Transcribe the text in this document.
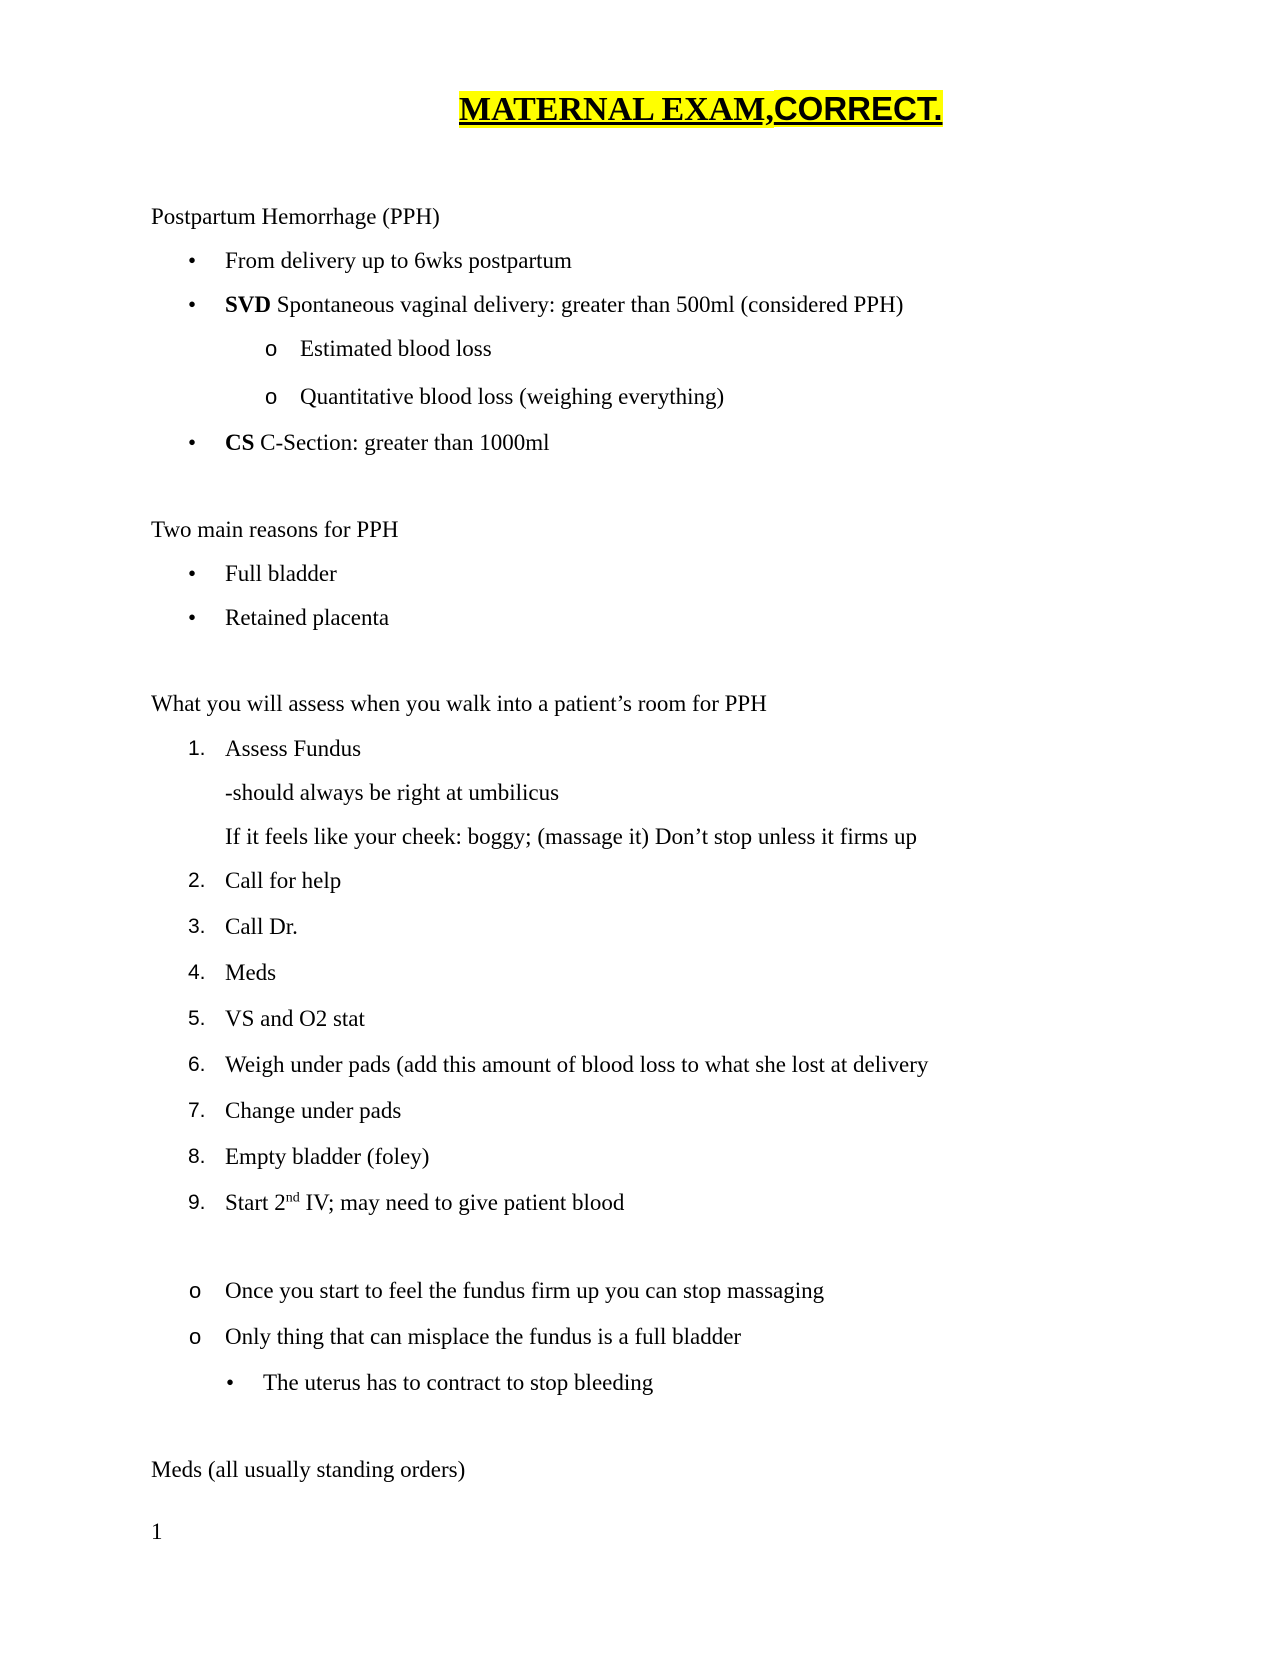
MATERNAL EXAM,CORRECT.
Postpartum Hemorrhage (PPH)
• From delivery up to 6wks postpartum
• SVD Spontaneous vaginal delivery: greater than 500ml (considered PPH)
o Estimated blood loss
o Quantitative blood loss (weighing everything)
• CS C-Section: greater than 1000ml
Two main reasons for PPH
• Full bladder
• Retained placenta
What you will assess when you walk into a patient’s room for PPH
1. Assess Fundus
-should always be right at umbilicus
If it feels like your cheek: boggy; (massage it) Don’t stop unless it firms up
2. Call for help
3. Call Dr.
4. Meds
5. VS and O2 stat
6. Weigh under pads (add this amount of blood loss to what she lost at delivery
7. Change under pads
8. Empty bladder (foley)
9. Start 2nd IV; may need to give patient blood
o Once you start to feel the fundus firm up you can stop massaging
o Only thing that can misplace the fundus is a full bladder
• The uterus has to contract to stop bleeding
Meds (all usually standing orders)
1
